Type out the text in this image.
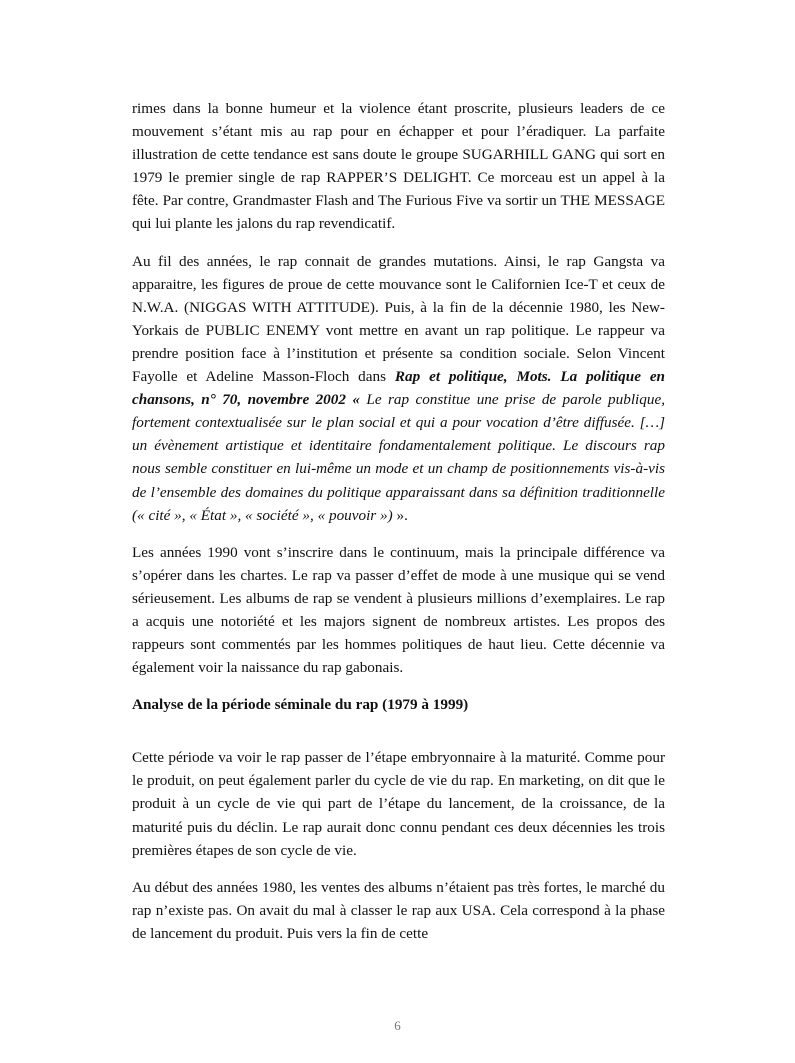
rimes dans la bonne humeur et la violence étant proscrite, plusieurs leaders de ce mouvement s’étant mis au rap pour en échapper et pour l’éradiquer. La parfaite illustration de cette tendance est sans doute le groupe SUGARHILL GANG qui sort en 1979 le premier single de rap RAPPER’S DELIGHT. Ce morceau est un appel à la fête. Par contre, Grandmaster Flash and The Furious Five va sortir un THE MESSAGE qui lui plante les jalons du rap revendicatif.

Au fil des années, le rap connait de grandes mutations. Ainsi, le rap Gangsta va apparaitre, les figures de proue de cette mouvance sont le Californien Ice-T et ceux de N.W.A. (NIGGAS WITH ATTITUDE). Puis, à la fin de la décennie 1980, les New-Yorkais de PUBLIC ENEMY vont mettre en avant un rap politique. Le rappeur va prendre position face à l’institution et présente sa condition sociale. Selon Vincent Fayolle et Adeline Masson-Floch dans Rap et politique, Mots. La politique en chansons, n° 70, novembre 2002 « Le rap constitue une prise de parole publique, fortement contextualisée sur le plan social et qui a pour vocation d’être diffusée. […] un évènement artistique et identitaire fondamentalement politique. Le discours rap nous semble constituer en lui-même un mode et un champ de positionnements vis-à-vis de l’ensemble des domaines du politique apparaissant dans sa définition traditionnelle (« cité », « État », « société », « pouvoir ») ».

Les années 1990 vont s’inscrire dans le continuum, mais la principale différence va s’opérer dans les chartes. Le rap va passer d’effet de mode à une musique qui se vend sérieusement. Les albums de rap se vendent à plusieurs millions d’exemplaires. Le rap a acquis une notoriété et les majors signent de nombreux artistes. Les propos des rappeurs sont commentés par les hommes politiques de haut lieu. Cette décennie va également voir la naissance du rap gabonais.

Analyse de la période séminale du rap (1979 à 1999)

Cette période va voir le rap passer de l’étape embryonnaire à la maturité. Comme pour le produit, on peut également parler du cycle de vie du rap. En marketing, on dit que le produit à un cycle de vie qui part de l’étape du lancement, de la croissance, de la maturité puis du déclin. Le rap aurait donc connu pendant ces deux décennies les trois premières étapes de son cycle de vie.

Au début des années 1980, les ventes des albums n’étaient pas très fortes, le marché du rap n’existe pas. On avait du mal à classer le rap aux USA. Cela correspond à la phase de lancement du produit. Puis vers la fin de cette

6
